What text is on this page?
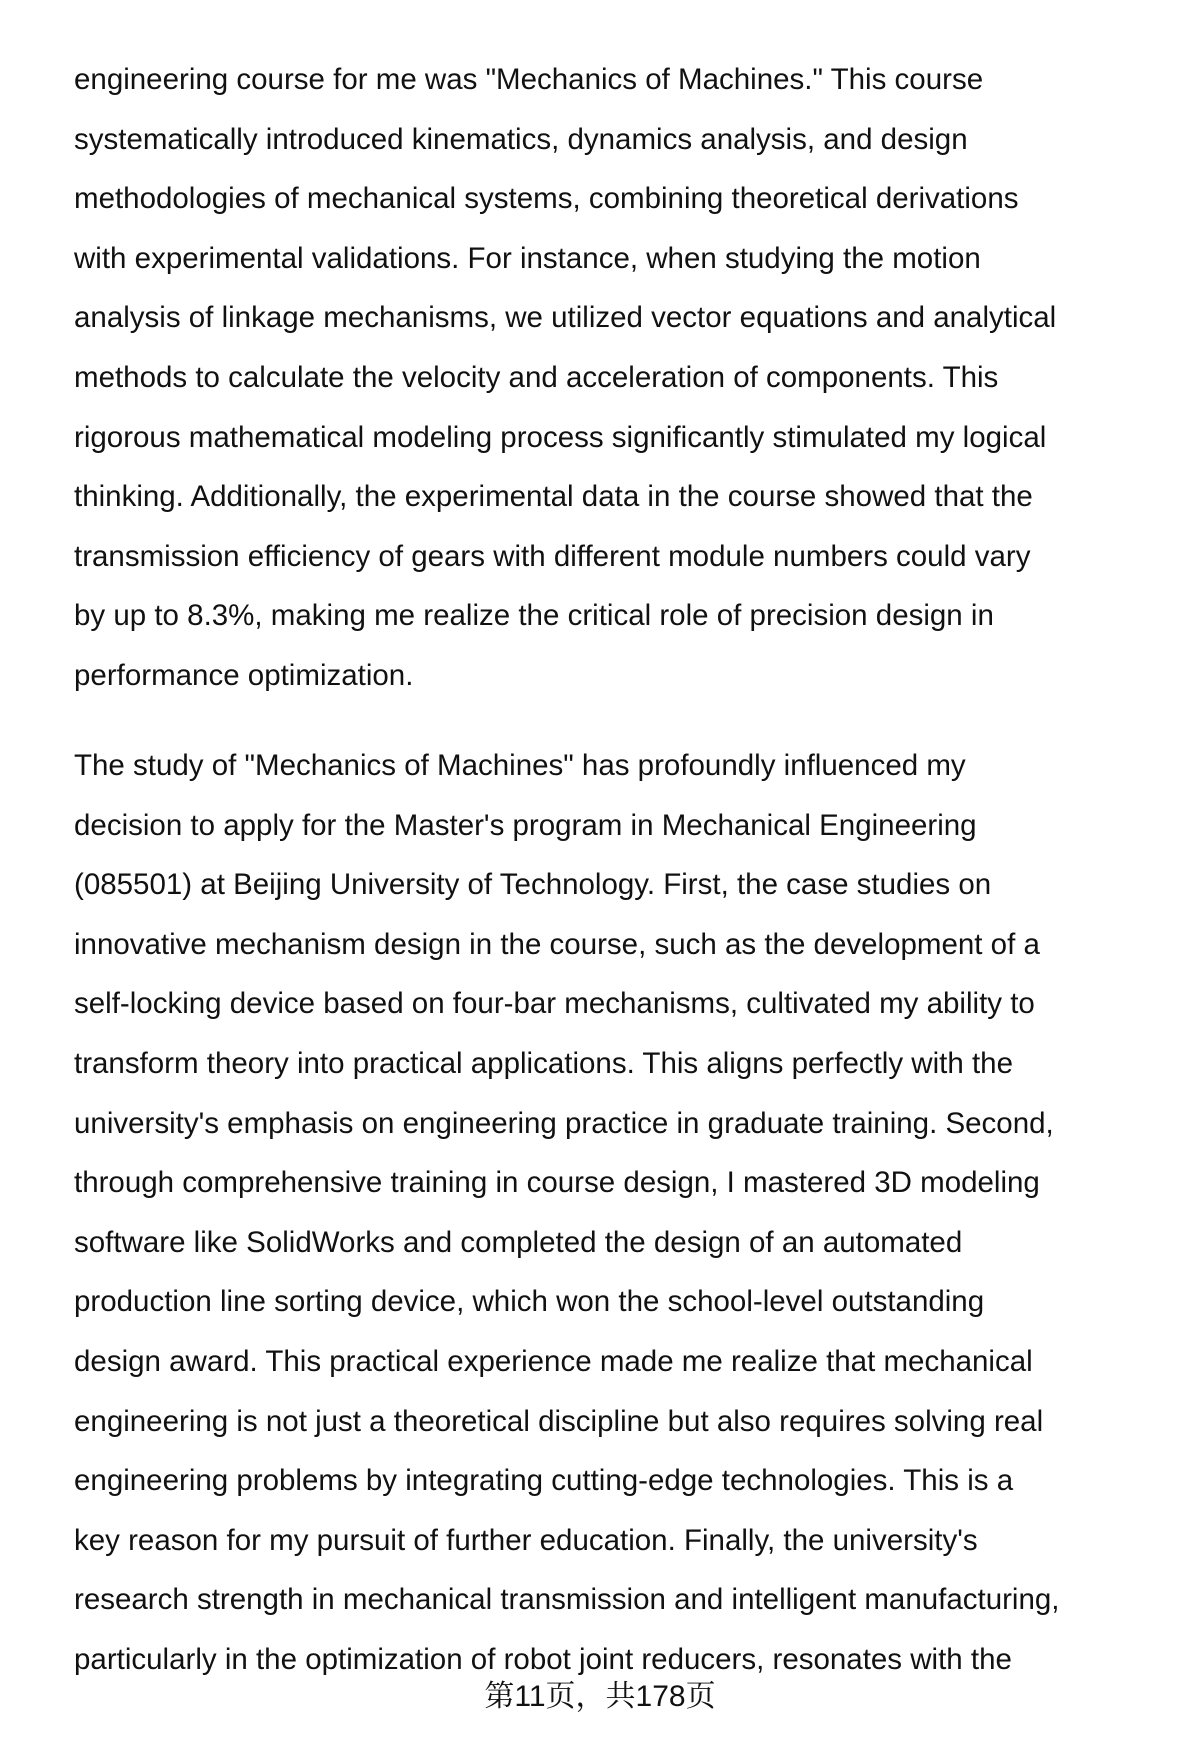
engineering course for me was "Mechanics of Machines." This course
systematically introduced kinematics, dynamics analysis, and design
methodologies of mechanical systems, combining theoretical derivations
with experimental validations. For instance, when studying the motion
analysis of linkage mechanisms, we utilized vector equations and analytical
methods to calculate the velocity and acceleration of components. This
rigorous mathematical modeling process significantly stimulated my logical
thinking. Additionally, the experimental data in the course showed that the
transmission efficiency of gears with different module numbers could vary
by up to 8.3%, making me realize the critical role of precision design in
performance optimization.
The study of "Mechanics of Machines" has profoundly influenced my
decision to apply for the Master's program in Mechanical Engineering
(085501) at Beijing University of Technology. First, the case studies on
innovative mechanism design in the course, such as the development of a
self-locking device based on four-bar mechanisms, cultivated my ability to
transform theory into practical applications. This aligns perfectly with the
university's emphasis on engineering practice in graduate training. Second,
through comprehensive training in course design, I mastered 3D modeling
software like SolidWorks and completed the design of an automated
production line sorting device, which won the school-level outstanding
design award. This practical experience made me realize that mechanical
engineering is not just a theoretical discipline but also requires solving real
engineering problems by integrating cutting-edge technologies. This is a
key reason for my pursuit of further education. Finally, the university's
research strength in mechanical transmission and intelligent manufacturing,
particularly in the optimization of robot joint reducers, resonates with the
第11页，共178页
